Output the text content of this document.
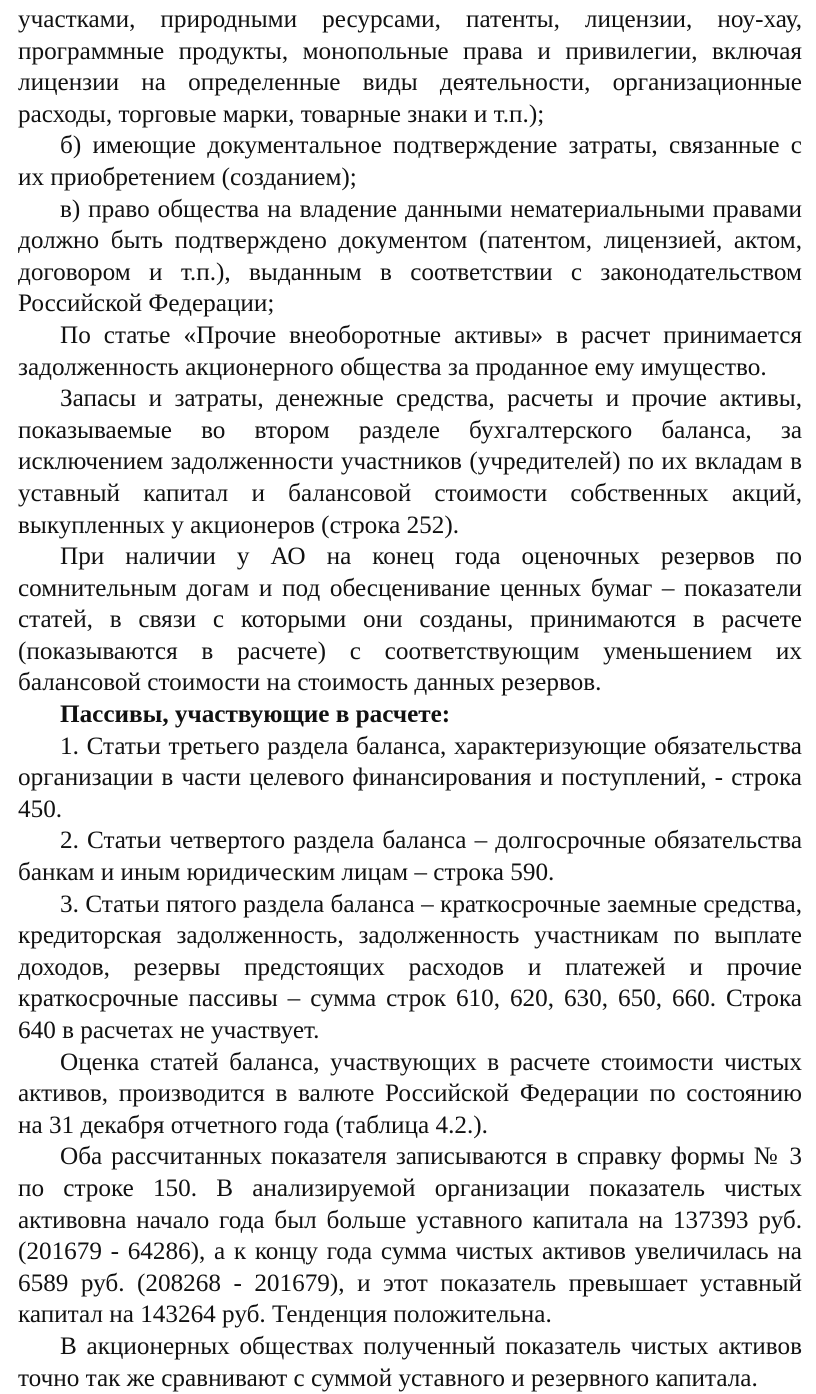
участками, природными ресурсами, патенты, лицензии, ноу-хау, программные продукты, монопольные права и привилегии, включая лицензии на определенные виды деятельности, организационные расходы, торговые марки, товарные знаки и т.п.);

б) имеющие документальное подтверждение затраты, связанные с их приобретением (созданием);

в) право общества на владение данными нематериальными правами должно быть подтверждено документом (патентом, лицензией, актом, договором и т.п.), выданным в соответствии с законодательством Российской Федерации;

По статье «Прочие внеоборотные активы» в расчет принимается задолженность акционерного общества за проданное ему имущество.

Запасы и затраты, денежные средства, расчеты и прочие активы, показываемые во втором разделе бухгалтерского баланса, за исключением задолженности участников (учредителей) по их вкладам в уставный капитал и балансовой стоимости собственных акций, выкупленных у акционеров (строка 252).

При наличии у АО на конец года оценочных резервов по сомнительным догам и под обесценивание ценных бумаг – показатели статей, в связи с которыми они созданы, принимаются в расчете (показываются в расчете) с соответствующим уменьшением их балансовой стоимости на стоимость данных резервов.

Пассивы, участвующие в расчете:

1. Статьи третьего раздела баланса, характеризующие обязательства организации в части целевого финансирования и поступлений, - строка 450.

2. Статьи четвертого раздела баланса – долгосрочные обязательства банкам и иным юридическим лицам – строка 590.

3. Статьи пятого раздела баланса – краткосрочные заемные средства, кредиторская задолженность, задолженность участникам по выплате доходов, резервы предстоящих расходов и платежей и прочие краткосрочные пассивы – сумма строк 610, 620, 630, 650, 660. Строка 640 в расчетах не участвует.

Оценка статей баланса, участвующих в расчете стоимости чистых активов, производится в валюте Российской Федерации по состоянию на 31 декабря отчетного года (таблица 4.2.).

Оба рассчитанных показателя записываются в справку формы № 3 по строке 150. В анализируемой организации показатель чистых активовна начало года был больше уставного капитала на 137393 руб. (201679 - 64286), а к концу года сумма чистых активов увеличилась на 6589 руб. (208268 - 201679), и этот показатель превышает уставный капитал на 143264 руб. Тенденция положительна.

В акционерных обществах полученный показатель чистых активов точно так же сравнивают с суммой уставного и резервного капитала.
